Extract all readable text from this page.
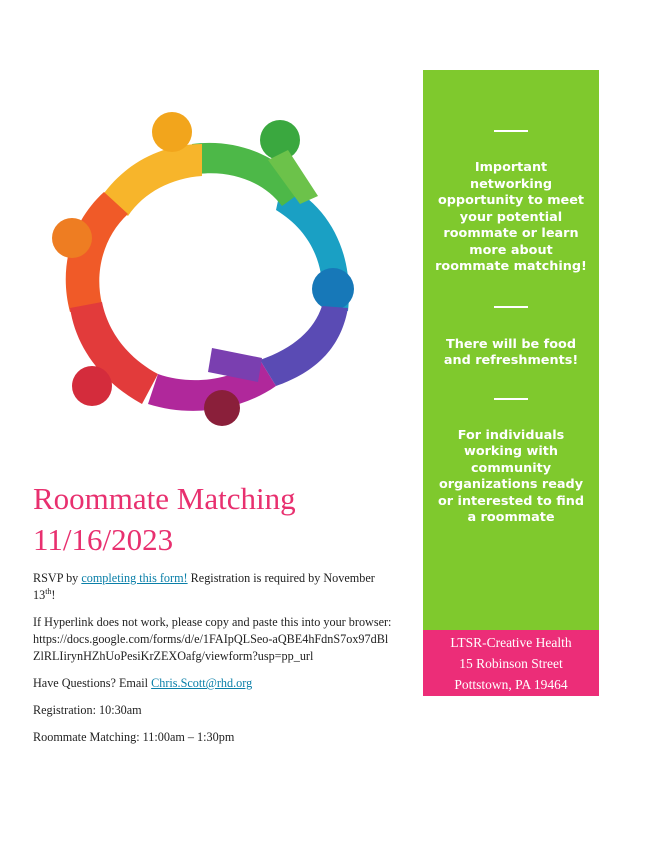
Roommate Matching
11/16/2023

RSVP by completing this form! Registration is required by November 13th!

If Hyperlink does not work, please copy and paste this into your browser:
https://docs.google.com/forms/d/e/1FAIpQLSeo-aQBE4hFdnS7ox97dBlZlRLIirynHZhUoPesiKrZEXOafg/viewform?usp=pp_url

Have Questions? Email Chris.Scott@rhd.org

Registration: 10:30am

Roommate Matching: 11:00am – 1:30pm

Important networking opportunity to meet your potential roommate or learn more about roommate matching!
There will be food and refreshments!
For individuals working with community organizations ready or interested to find a roommate
LTSR-Creative Health
15 Robinson Street
Pottstown, PA 19464
